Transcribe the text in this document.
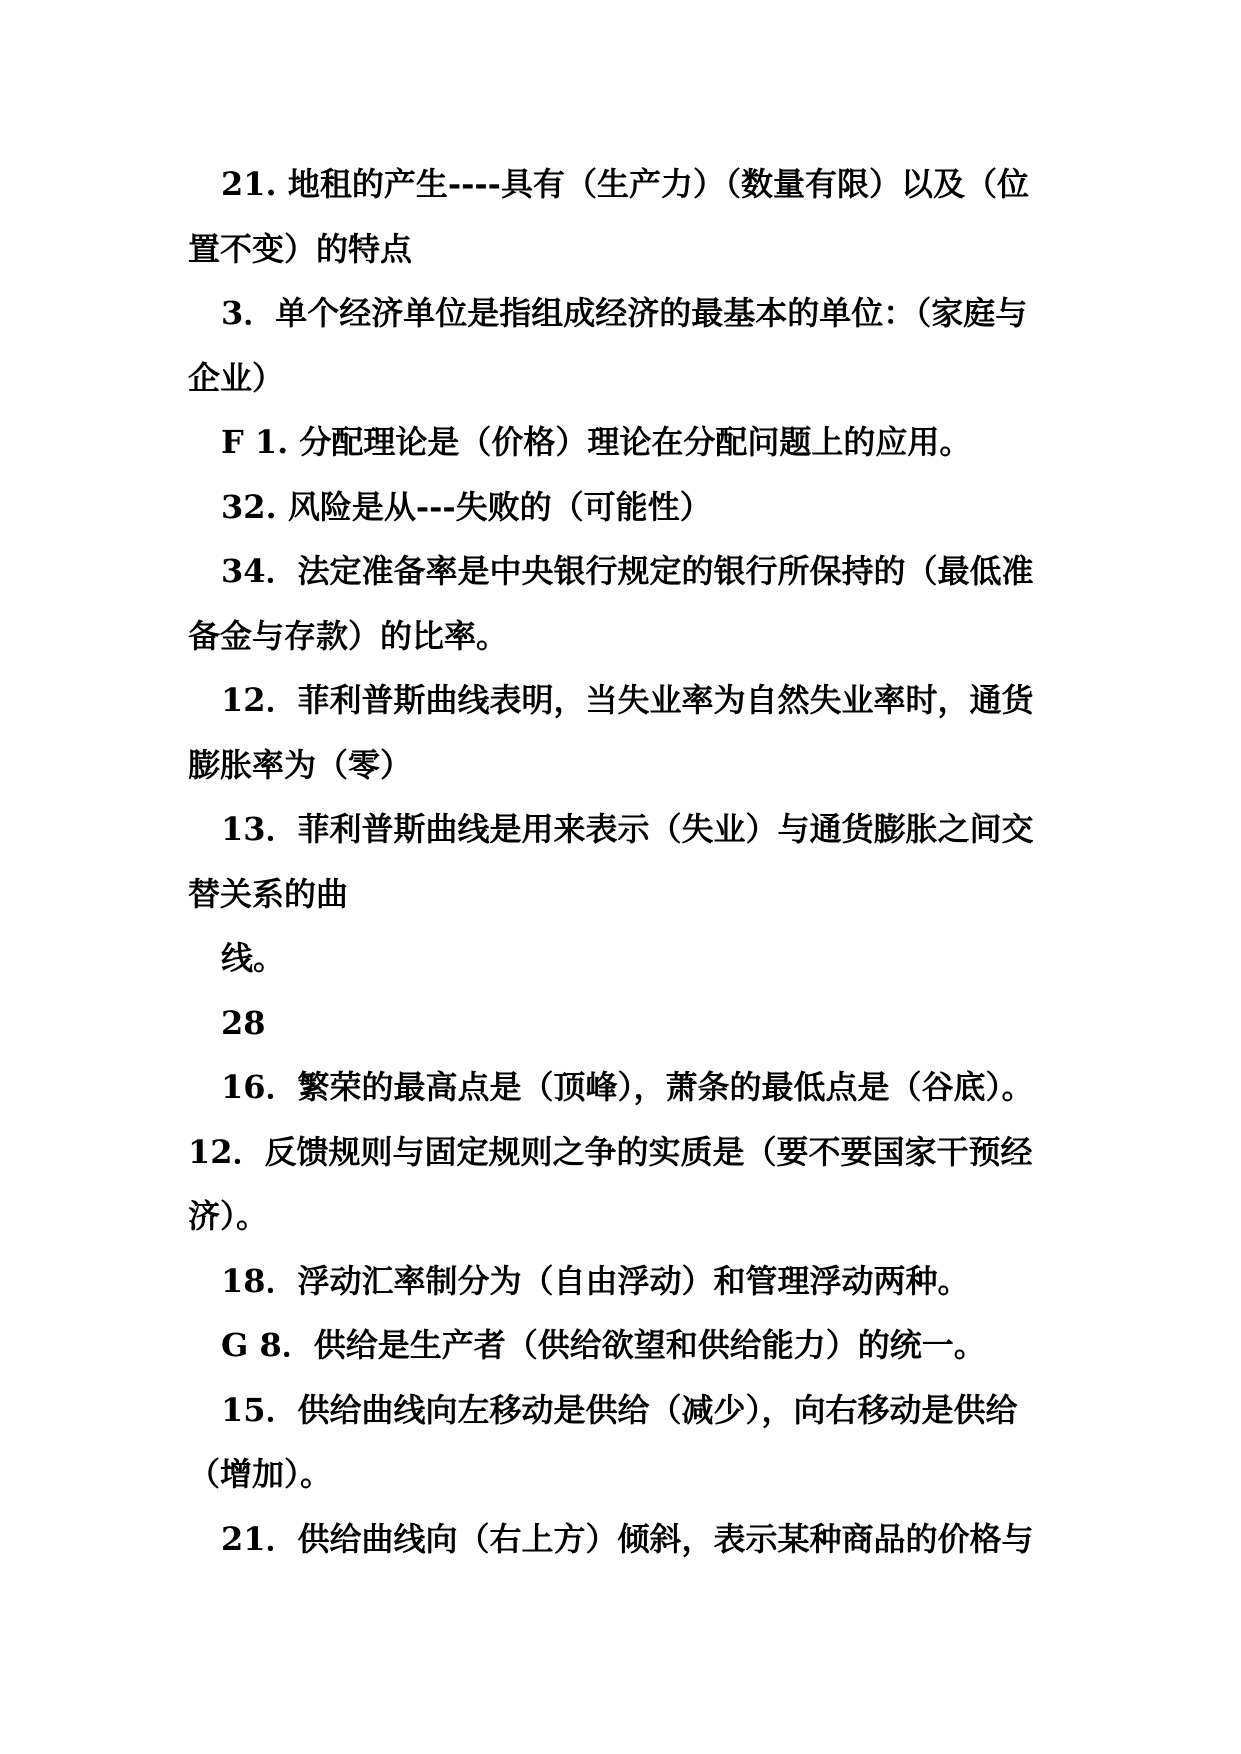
21. 地租的产生----具有（生产力）（数量有限）以及（位
置不变）的特点
3．单个经济单位是指组成经济的最基本的单位：（家庭与
企业）
F 1. 分配理论是（价格）理论在分配问题上的应用。
32. 风险是从---失败的（可能性）
34．法定准备率是中央银行规定的银行所保持的（最低准
备金与存款）的比率。
12．菲利普斯曲线表明，当失业率为自然失业率时，通货
膨胀率为（零）
13．菲利普斯曲线是用来表示（失业）与通货膨胀之间交
替关系的曲
线。
28
16．繁荣的最高点是（顶峰），萧条的最低点是（谷底）。
12．反馈规则与固定规则之争的实质是（要不要国家干预经
济）。
18．浮动汇率制分为（自由浮动）和管理浮动两种。
G 8．供给是生产者（供给欲望和供给能力）的统一。
15．供给曲线向左移动是供给（减少），向右移动是供给
（增加）。
21．供给曲线向（右上方）倾斜，表示某种商品的价格与
